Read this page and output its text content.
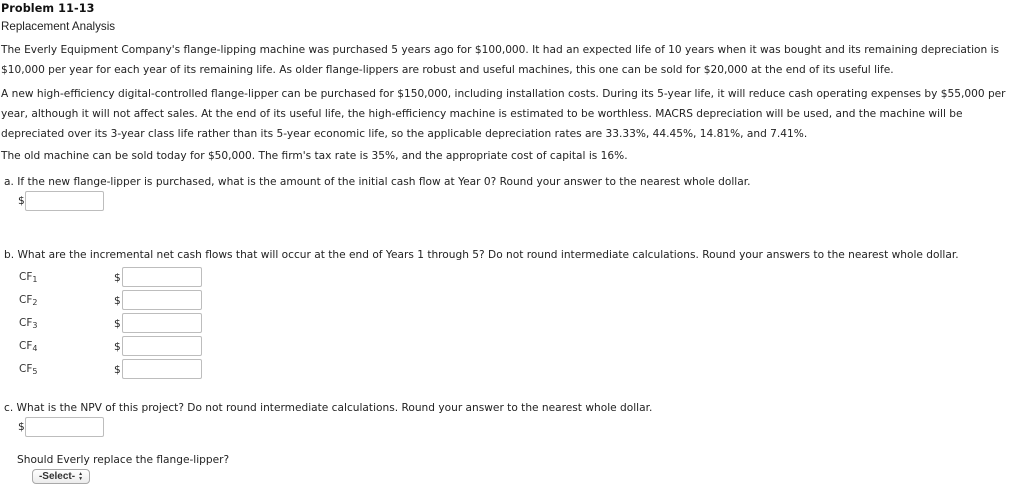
Problem 11-13
Replacement Analysis

The Everly Equipment Company's flange-lipping machine was purchased 5 years ago for $100,000. It had an expected life of 10 years when it was bought and its remaining depreciation is $10,000 per year for each year of its remaining life. As older flange-lippers are robust and useful machines, this one can be sold for $20,000 at the end of its useful life.

A new high-efficiency digital-controlled flange-lipper can be purchased for $150,000, including installation costs. During its 5-year life, it will reduce cash operating expenses by $55,000 per year, although it will not affect sales. At the end of its useful life, the high-efficiency machine is estimated to be worthless. MACRS depreciation will be used, and the machine will be depreciated over its 3-year class life rather than its 5-year economic life, so the applicable depreciation rates are 33.33%, 44.45%, 14.81%, and 7.41%.

The old machine can be sold today for $50,000. The firm's tax rate is 35%, and the appropriate cost of capital is 16%.

a. If the new flange-lipper is purchased, what is the amount of the initial cash flow at Year 0? Round your answer to the nearest whole dollar.
$
b. What are the incremental net cash flows that will occur at the end of Years 1 through 5? Do not round intermediate calculations. Round your answers to the nearest whole dollar.
$CF_1$	$
$CF_2$	$
$CF_3$	$
$CF_4$	$
$CF_5$	$
c. What is the NPV of this project? Do not round intermediate calculations. Round your answer to the nearest whole dollar.
$
Should Everly replace the flange-lipper?
-Select- ▲
▼
